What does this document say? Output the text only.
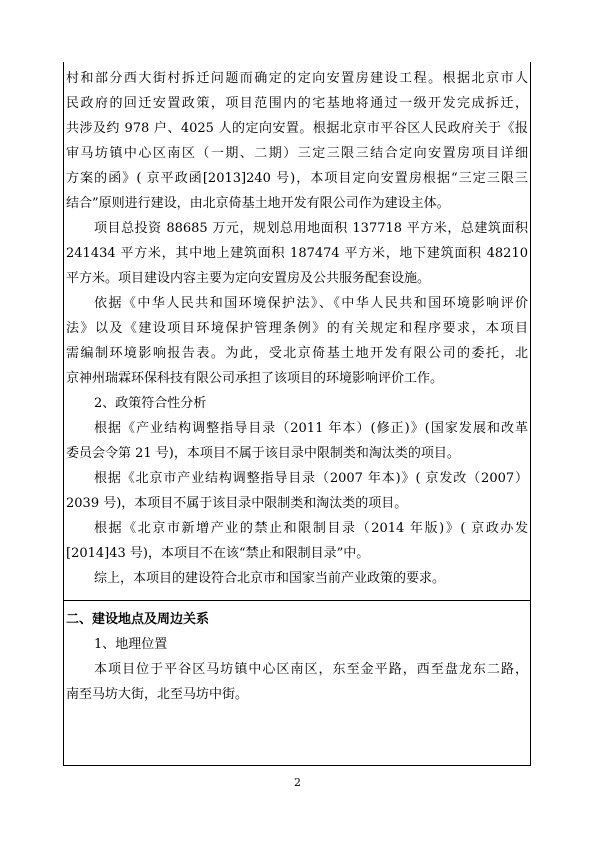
村和部分西大街村拆迁问题而确定的定向安置房建设工程。根据北京市人
民政府的回迁安置政策，项目范围内的宅基地将通过一级开发完成拆迁，
共涉及约 978 户、4025 人的定向安置。根据北京市平谷区人民政府关于《报
审马坊镇中心区南区（一期、二期）三定三限三结合定向安置房项目详细
方案的函》( 京平政函[2013]240 号)，本项目定向安置房根据“三定三限三
结合”原则进行建设，由北京倚基土地开发有限公司作为建设主体。
项目总投资 88685 万元，规划总用地面积 137718 平方米，总建筑面积
241434 平方米，其中地上建筑面积 187474 平方米，地下建筑面积 48210
平方米。项目建设内容主要为定向安置房及公共服务配套设施。
依据《中华人民共和国环境保护法》、《中华人民共和国环境影响评价
法》以及《建设项目环境保护管理条例》的有关规定和程序要求，本项目
需编制环境影响报告表。为此，受北京倚基土地开发有限公司的委托，北
京神州瑞霖环保科技有限公司承担了该项目的环境影响评价工作。
2、政策符合性分析
根据《产业结构调整指导目录（2011 年本）(修正)》(国家发展和改革
委员会令第 21 号)，本项目不属于该目录中限制类和淘汰类的项目。
根据《北京市产业结构调整指导目录（2007 年本)》( 京发改（2007）
2039 号)，本项目不属于该目录中限制类和淘汰类的项目。
根据《北京市新增产业的禁止和限制目录（2014 年版)》( 京政办发
[2014]43 号)，本项目不在该“禁止和限制目录”中。
综上，本项目的建设符合北京市和国家当前产业政策的要求。
二、建设地点及周边关系
1、地理位置
本项目位于平谷区马坊镇中心区南区，东至金平路，西至盘龙东二路，
南至马坊大街，北至马坊中街。
2
